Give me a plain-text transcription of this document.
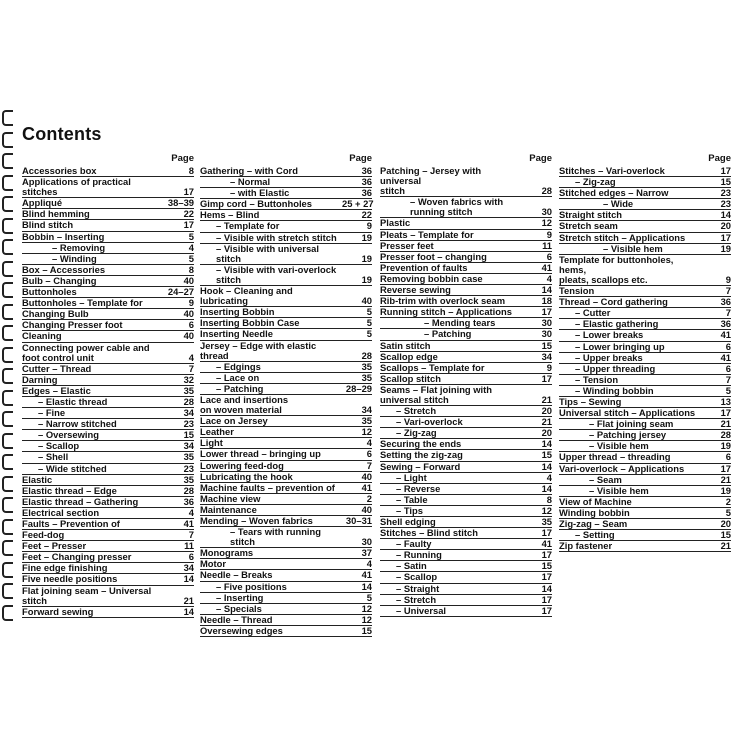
Contents
Page
Accessories box	8
Applications of practical
stitches	17
Appliqué	38–39
Blind hemming	22
Blind stitch	17
Bobbin – Inserting	5
– Removing	4
– Winding	5
Box – Accessories	8
Bulb – Changing	40
Buttonholes	24–27
Buttonholes – Template for	9
Changing Bulb	40
Changing Presser foot	6
Cleaning	40
Connecting power cable and
foot control unit	4
Cutter – Thread	7
Darning	32
Edges – Elastic	35
– Elastic thread	28
– Fine	34
– Narrow stitched	23
– Oversewing	15
– Scallop	34
– Shell	35
– Wide stitched	23
Elastic	35
Elastic thread – Edge	28
Elastic thread – Gathering	36
Electrical section	4
Faults – Prevention of	41
Feed-dog	7
Feet – Presser	11
Feet – Changing presser	6
Fine edge finishing	34
Five needle positions	14
Flat joining seam – Universal stitch	21
Forward sewing	14
Page
Gathering – with Cord	36
– Normal	36
– with Elastic	36
Gimp cord – Buttonholes	25 + 27
Hems – Blind	22
– Template for	9
– Visible with stretch stitch	19
– Visible with universal stitch	19
– Visible with vari-overlock
stitch	19
Hook – Cleaning and lubricating	40
Inserting Bobbin	5
Inserting Bobbin Case	5
Inserting Needle	5
Jersey – Edge with elastic thread	28
– Edgings	35
– Lace on	35
– Patching	28–29
Lace and insertions
on woven material	34
Lace on Jersey	35
Leather	12
Light	4
Lower thread – bringing up	6
Lowering feed-dog	7
Lubricating the hook	40
Machine faults – prevention of	41
Machine view	2
Maintenance	40
Mending – Woven fabrics	30–31
– Tears with running
stitch	30
Monograms	37
Motor	4
Needle – Breaks	41
– Five positions	14
– Inserting	5
– Specials	12
Needle – Thread	12
Oversewing edges	15
Page
Patching – Jersey with universal
stitch	28
– Woven fabrics with
running stitch	30
Plastic	12
Pleats – Template for	9
Presser feet	11
Presser foot – changing	6
Prevention of faults	41
Removing bobbin case	4
Reverse sewing	14
Rib-trim with overlock seam	18
Running stitch – Applications	17
– Mending tears	30
– Patching	30
Satin stitch	15
Scallop edge	34
Scallops – Template for	9
Scallop stitch	17
Seams – Flat joining with
universal stitch	21
– Stretch	20
– Vari-overlock	21
– Zig-zag	20
Securing the ends	14
Setting the zig-zag	15
Sewing – Forward	14
– Light	4
– Reverse	14
– Table	8
– Tips	12
Shell edging	35
Stitches – Blind stitch	17
– Faulty	41
– Running	17
– Satin	15
– Scallop	17
– Straight	14
– Stretch	17
– Universal	17
Page
Stitches – Vari-overlock	17
– Zig-zag	15
Stitched edges – Narrow	23
– Wide	23
Straight stitch	14
Stretch seam	20
Stretch stitch – Applications	17
– Visible hem	19
Template for buttonholes, hems,
pleats, scallops etc.	9
Tension	7
Thread – Cord gathering	36
– Cutter	7
– Elastic gathering	36
– Lower breaks	41
– Lower bringing up	6
– Upper breaks	41
– Upper threading	6
– Tension	7
– Winding bobbin	5
Tips – Sewing	13
Universal stitch – Applications	17
– Flat joining seam	21
– Patching jersey	28
– Visible hem	19
Upper thread – threading	6
Vari-overlock – Applications	17
– Seam	21
– Visible hem	19
View of Machine	2
Winding bobbin	5
Zig-zag – Seam	20
– Setting	15
Zip fastener	21
